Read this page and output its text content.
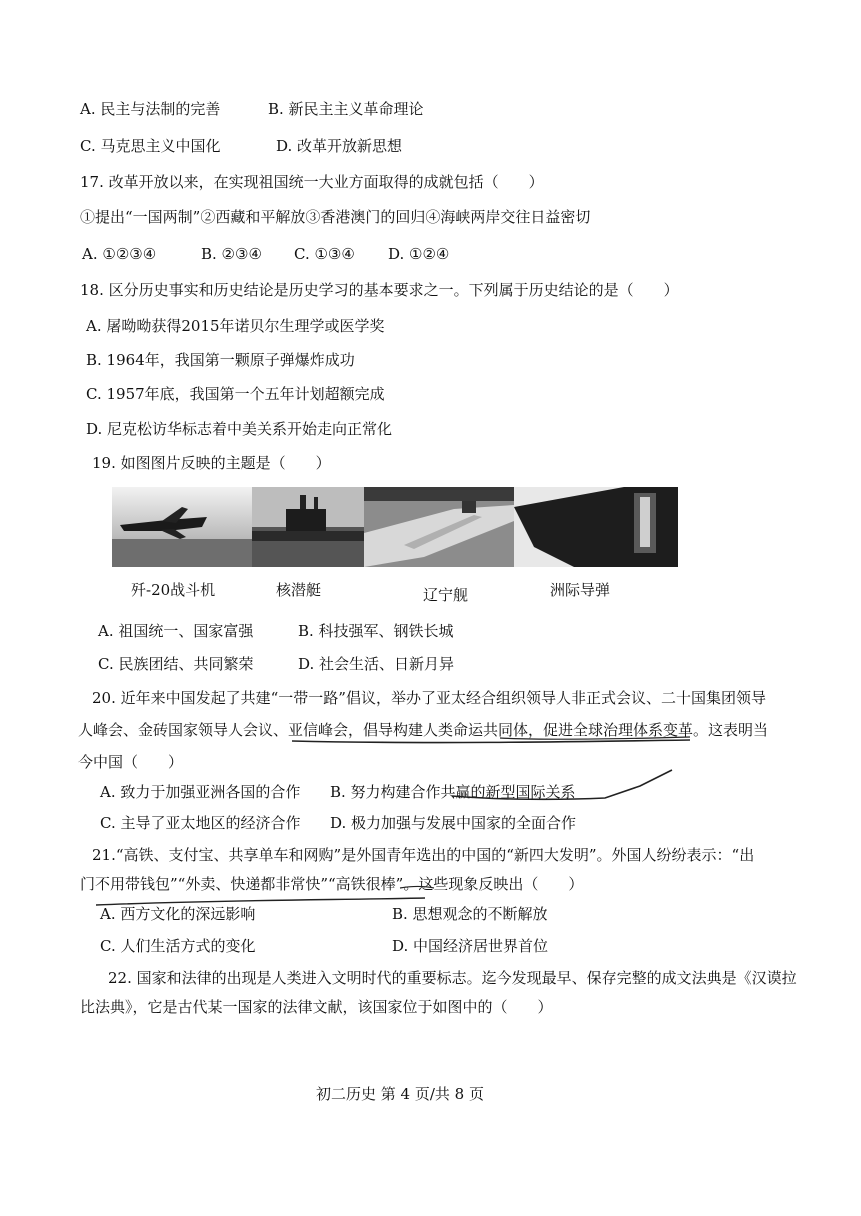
A. 民主与法制的完善	B. 新民主主义革命理论
C. 马克思主义中国化	D. 改革开放新思想
17. 改革开放以来，在实现祖国统一大业方面取得的成就包括（　　）
①提出“一国两制”②西藏和平解放③香港澳门的回归④海峡两岸交往日益密切
A. ①②③④	B. ②③④ C. ①③④ D. ①②④
18. 区分历史事实和历史结论是历史学习的基本要求之一。下列属于历史结论的是（　　）
A. 屠呦呦获得2015年诺贝尔生理学或医学奖
B. 1964年，我国第一颗原子弹爆炸成功
C. 1957年底，我国第一个五年计划超额完成
D. 尼克松访华标志着中美关系开始走向正常化
19. 如图图片反映的主题是（　　）
歼-20战斗机	核潜艇	辽宁舰	洲际导弹
A. 祖国统一、国家富强	B. 科技强军、钢铁长城
C. 民族团结、共同繁荣	D. 社会生活、日新月异
20. 近年来中国发起了共建“一带一路”倡议，举办了亚太经合组织领导人非正式会议、二十国集团领导
人峰会、金砖国家领导人会议、亚信峰会，倡导构建人类命运共同体，促进全球治理体系变革。这表明当
今中国（　　）
A. 致力于加强亚洲各国的合作 B. 努力构建合作共赢的新型国际关系
C. 主导了亚太地区的经济合作 D. 极力加强与发展中国家的全面合作
21.“高铁、支付宝、共享单车和网购”是外国青年选出的中国的“新四大发明”。外国人纷纷表示：“出
门不用带钱包”“外卖、快递都非常快”“高铁很棒”。这些现象反映出（　　）
A. 西方文化的深远影响	B. 思想观念的不断解放
C. 人们生活方式的变化	D. 中国经济居世界首位
22. 国家和法律的出现是人类进入文明时代的重要标志。迄今发现最早、保存完整的成文法典是《汉谟拉
比法典》，它是古代某一国家的法律文献，该国家位于如图中的（　　）
初二历史 第 4 页/共 8 页
